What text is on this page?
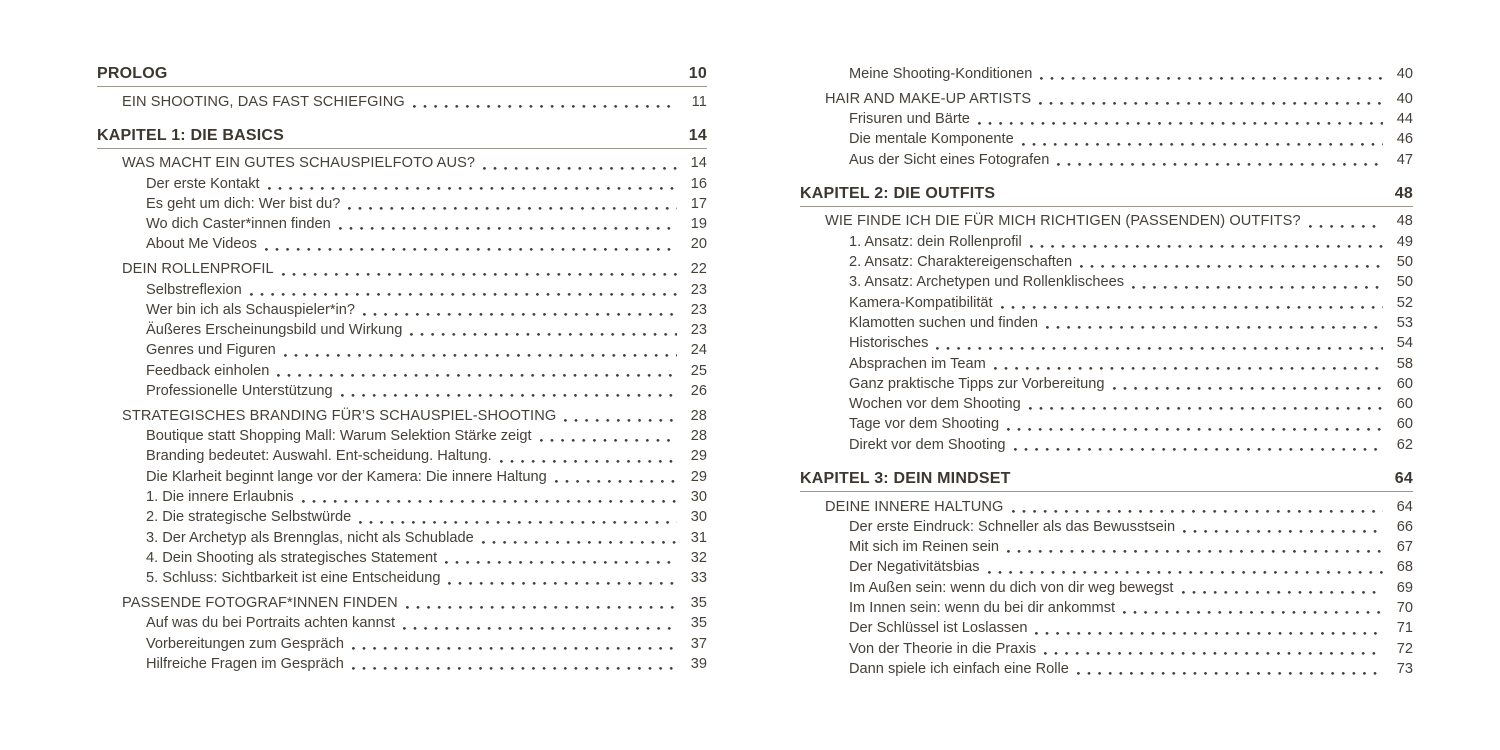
PROLOG	10
EIN SHOOTING, DAS FAST SCHIEFGING	11
KAPITEL 1: DIE BASICS	14
WAS MACHT EIN GUTES SCHAUSPIELFOTO AUS?	14
Der erste Kontakt	16
Es geht um dich: Wer bist du?	17
Wo dich Caster*innen finden	19
About Me Videos	20
DEIN ROLLENPROFIL	22
Selbstreflexion	23
Wer bin ich als Schauspieler*in?	23
Äußeres Erscheinungsbild und Wirkung	23
Genres und Figuren	24
Feedback einholen	25
Professionelle Unterstützung	26
STRATEGISCHES BRANDING FÜR’S SCHAUSPIEL-SHOOTING	28
Boutique statt Shopping Mall: Warum Selektion Stärke zeigt	28
Branding bedeutet: Auswahl. Ent-scheidung. Haltung.	29
Die Klarheit beginnt lange vor der Kamera: Die innere Haltung	29
1. Die innere Erlaubnis	30
2. Die strategische Selbstwürde	30
3. Der Archetyp als Brennglas, nicht als Schublade	31
4. Dein Shooting als strategisches Statement	32
5. Schluss: Sichtbarkeit ist eine Entscheidung	33
PASSENDE FOTOGRAF*INNEN FINDEN	35
Auf was du bei Portraits achten kannst	35
Vorbereitungen zum Gespräch	37
Hilfreiche Fragen im Gespräch	39
Meine Shooting-Konditionen	40
HAIR AND MAKE-UP ARTISTS	40
Frisuren und Bärte	44
Die mentale Komponente	46
Aus der Sicht eines Fotografen	47
KAPITEL 2: DIE OUTFITS	48
WIE FINDE ICH DIE FÜR MICH RICHTIGEN (PASSENDEN) OUTFITS?	48
1. Ansatz: dein Rollenprofil	49
2. Ansatz: Charaktereigenschaften	50
3. Ansatz: Archetypen und Rollenklischees	50
Kamera-Kompatibilität	52
Klamotten suchen und finden	53
Historisches	54
Absprachen im Team	58
Ganz praktische Tipps zur Vorbereitung	60
Wochen vor dem Shooting	60
Tage vor dem Shooting	60
Direkt vor dem Shooting	62
KAPITEL 3: DEIN MINDSET	64
DEINE INNERE HALTUNG	64
Der erste Eindruck: Schneller als das Bewusstsein	66
Mit sich im Reinen sein	67
Der Negativitätsbias	68
Im Außen sein: wenn du dich von dir weg bewegst	69
Im Innen sein: wenn du bei dir ankommst	70
Der Schlüssel ist Loslassen	71
Von der Theorie in die Praxis	72
Dann spiele ich einfach eine Rolle	73
